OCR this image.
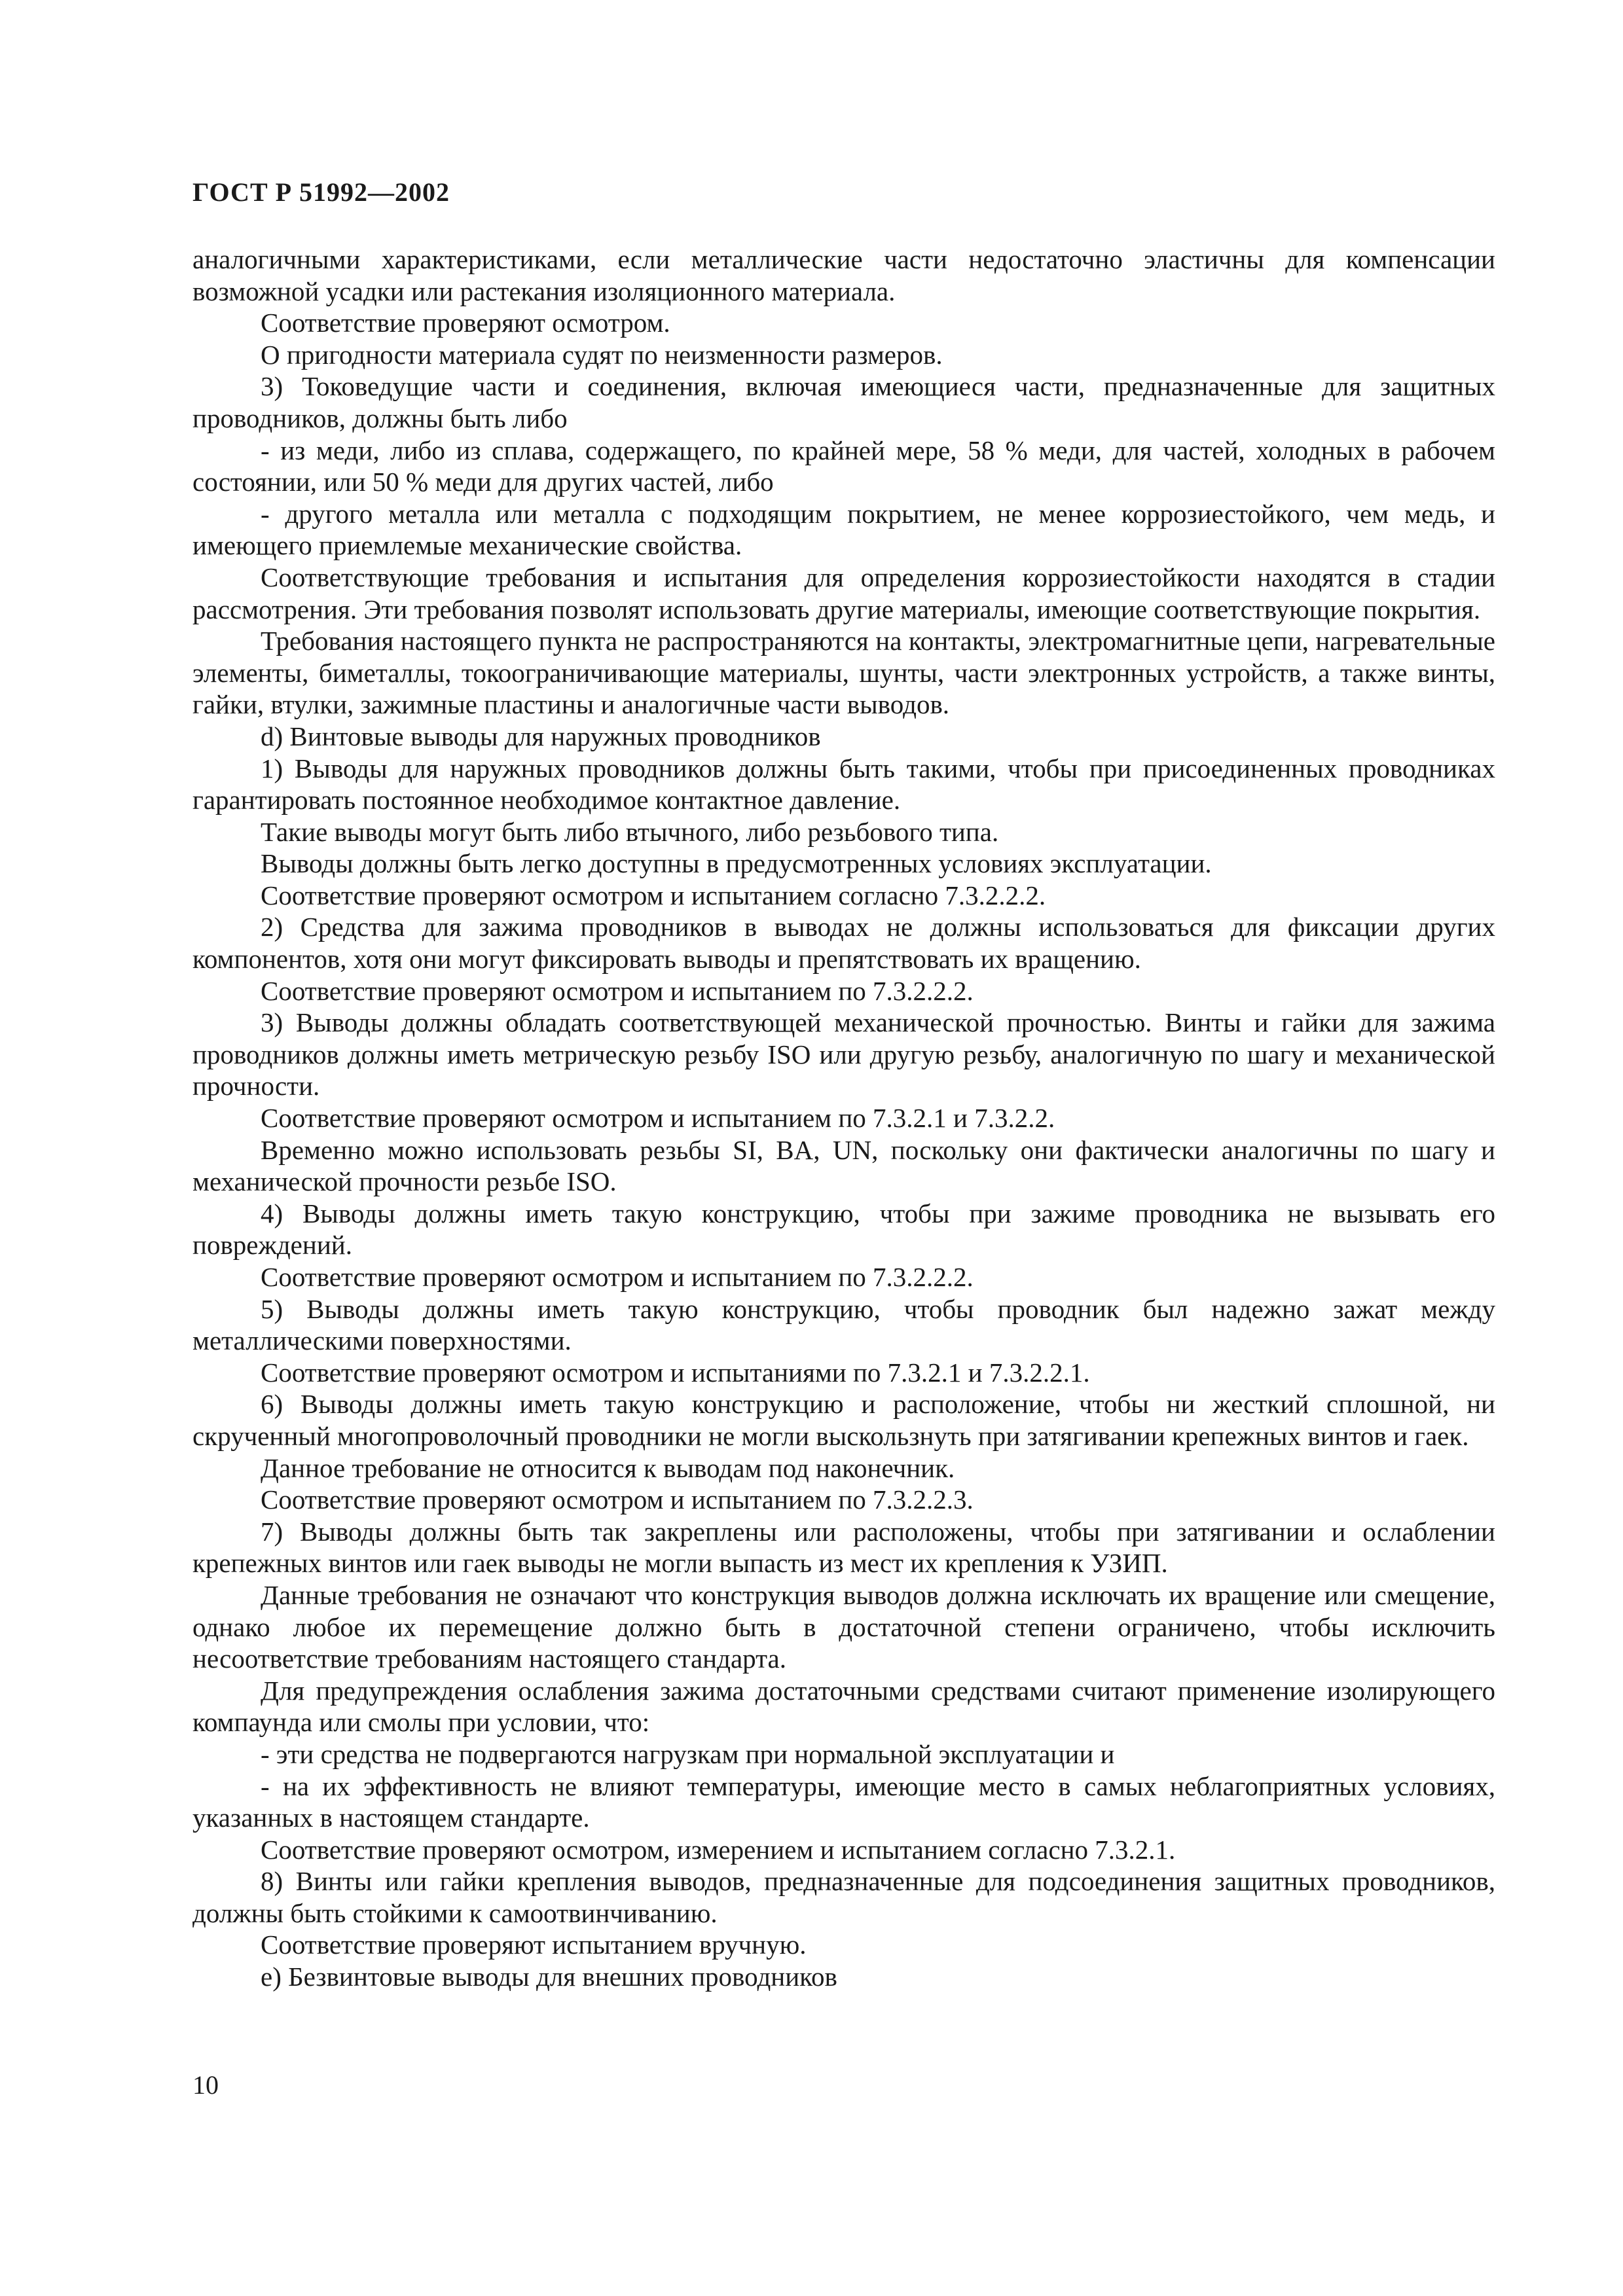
ГОСТ Р 51992—2002

аналогичными характеристиками, если металлические части недостаточно эластичны для компенсации возможной усадки или растекания изоляционного материала.

Соответствие проверяют осмотром.

О пригодности материала судят по неизменности размеров.

3) Токоведущие части и соединения, включая имеющиеся части, предназначенные для защитных проводников, должны быть либо

- из меди, либо из сплава, содержащего, по крайней мере, 58 % меди, для частей, холодных в рабочем состоянии, или 50 % меди для других частей, либо

- другого металла или металла с подходящим покрытием, не менее коррозиестойкого, чем медь, и имеющего приемлемые механические свойства.

Соответствующие требования и испытания для определения коррозиестойкости находятся в стадии рассмотрения. Эти требования позволят использовать другие материалы, имеющие соответствующие покрытия.

Требования настоящего пункта не распространяются на контакты, электромагнитные цепи, нагревательные элементы, биметаллы, токоограничивающие материалы, шунты, части электронных устройств, а также винты, гайки, втулки, зажимные пластины и аналогичные части выводов.

d) Винтовые выводы для наружных проводников

1) Выводы для наружных проводников должны быть такими, чтобы при присоединенных проводниках гарантировать постоянное необходимое контактное давление.

Такие выводы могут быть либо втычного, либо резьбового типа.

Выводы должны быть легко доступны в предусмотренных условиях эксплуатации.

Соответствие проверяют осмотром и испытанием согласно 7.3.2.2.2.

2) Средства для зажима проводников в выводах не должны использоваться для фиксации других компонентов, хотя они могут фиксировать выводы и препятствовать их вращению.

Соответствие проверяют осмотром и испытанием по 7.3.2.2.2.

3) Выводы должны обладать соответствующей механической прочностью. Винты и гайки для зажима проводников должны иметь метрическую резьбу ISO или другую резьбу, аналогичную по шагу и механической прочности.

Соответствие проверяют осмотром и испытанием по 7.3.2.1 и 7.3.2.2.

Временно можно использовать резьбы SI, BA, UN, поскольку они фактически аналогичны по шагу и механической прочности резьбе ISO.

4) Выводы должны иметь такую конструкцию, чтобы при зажиме проводника не вызывать его повреждений.

Соответствие проверяют осмотром и испытанием по 7.3.2.2.2.

5) Выводы должны иметь такую конструкцию, чтобы проводник был надежно зажат между металлическими поверхностями.

Соответствие проверяют осмотром и испытаниями по 7.3.2.1 и 7.3.2.2.1.

6) Выводы должны иметь такую конструкцию и расположение, чтобы ни жесткий сплошной, ни скрученный многопроволочный проводники не могли выскользнуть при затягивании крепежных винтов и гаек.

Данное требование не относится к выводам под наконечник.

Соответствие проверяют осмотром и испытанием по 7.3.2.2.3.

7) Выводы должны быть так закреплены или расположены, чтобы при затягивании и ослаблении крепежных винтов или гаек выводы не могли выпасть из мест их крепления к УЗИП.

Данные требования не означают что конструкция выводов должна исключать их вращение или смещение, однако любое их перемещение должно быть в достаточной степени ограничено, чтобы исключить несоответствие требованиям настоящего стандарта.

Для предупреждения ослабления зажима достаточными средствами считают применение изолирующего компаунда или смолы при условии, что:

- эти средства не подвергаются нагрузкам при нормальной эксплуатации и

- на их эффективность не влияют температуры, имеющие место в самых неблагоприятных условиях, указанных в настоящем стандарте.

Соответствие проверяют осмотром, измерением и испытанием согласно 7.3.2.1.

8) Винты или гайки крепления выводов, предназначенные для подсоединения защитных проводников, должны быть стойкими к самоотвинчиванию.

Соответствие проверяют испытанием вручную.

е) Безвинтовые выводы для внешних проводников

10
